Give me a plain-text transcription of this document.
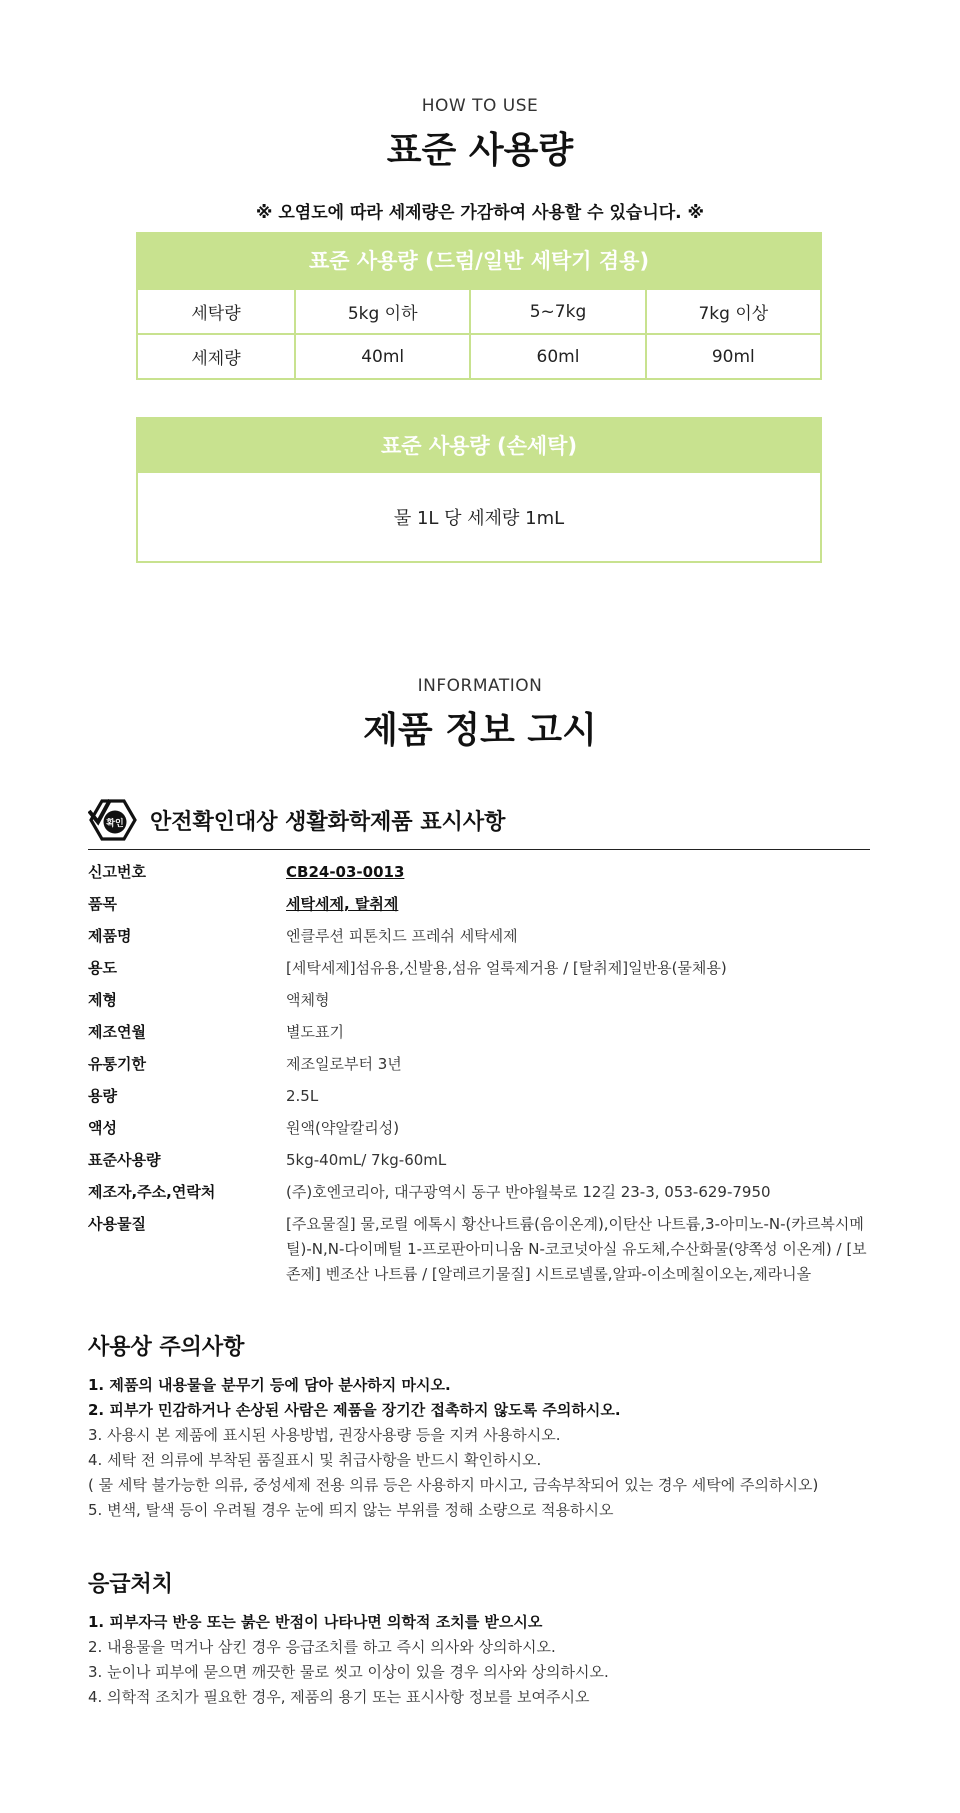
HOW TO USE
표준 사용량
※ 오염도에 따라 세제량은 가감하여 사용할 수 있습니다. ※
표준 사용량 (드럼/일반 세탁기 겸용)
세탁량	5kg 이하	5~7kg	7kg 이상
세제량	40ml	60ml	90ml
표준 사용량 (손세탁)
물 1L 당 세제량 1mL
INFORMATION
제품 정보 고시
확인 안전확인대상 생활화학제품 표시사항
신고번호	CB24-03-0013
품목	세탁세제, 탈취제
제품명	엔클루션 피톤치드 프레쉬 세탁세제
용도	[세탁세제]섬유용,신발용,섬유 얼룩제거용 / [탈취제]일반용(물체용)
제형	액체형
제조연월	별도표기
유통기한	제조일로부터 3년
용량	2.5L
액성	원액(약알칼리성)
표준사용량	5kg-40mL/ 7kg-60mL
제조자,주소,연락처	(주)호엔코리아, 대구광역시 동구 반야월북로 12길 23-3, 053-629-7950
사용물질	[주요물질] 물,로릴 에톡시 황산나트륨(음이온계),이탄산 나트륨,3-아미노-N-(카르복시메틸)-N,N-다이메틸 1-프로판아미니움 N-코코넛아실 유도체,수산화물(양쪽성 이온계) / [보존제] 벤조산 나트륨 / [알레르기물질] 시트로넬롤,알파-이소메칠이오논,제라니올
사용상 주의사항
1. 제품의 내용물을 분무기 등에 담아 분사하지 마시오.
2. 피부가 민감하거나 손상된 사람은 제품을 장기간 접촉하지 않도록 주의하시오.
3. 사용시 본 제품에 표시된 사용방법, 권장사용량 등을 지켜 사용하시오.
4. 세탁 전 의류에 부착된 품질표시 및 취급사항을 반드시 확인하시오.
( 물 세탁 불가능한 의류, 중성세제 전용 의류 등은 사용하지 마시고, 금속부착되어 있는 경우 세탁에 주의하시오)
5. 변색, 탈색 등이 우려될 경우 눈에 띄지 않는 부위를 정해 소량으로 적용하시오
응급처치
1. 피부자극 반응 또는 붉은 반점이 나타나면 의학적 조치를 받으시오
2. 내용물을 먹거나 삼킨 경우 응급조치를 하고 즉시 의사와 상의하시오.
3. 눈이나 피부에 묻으면 깨끗한 물로 씻고 이상이 있을 경우 의사와 상의하시오.
4. 의학적 조치가 필요한 경우, 제품의 용기 또는 표시사항 정보를 보여주시오
